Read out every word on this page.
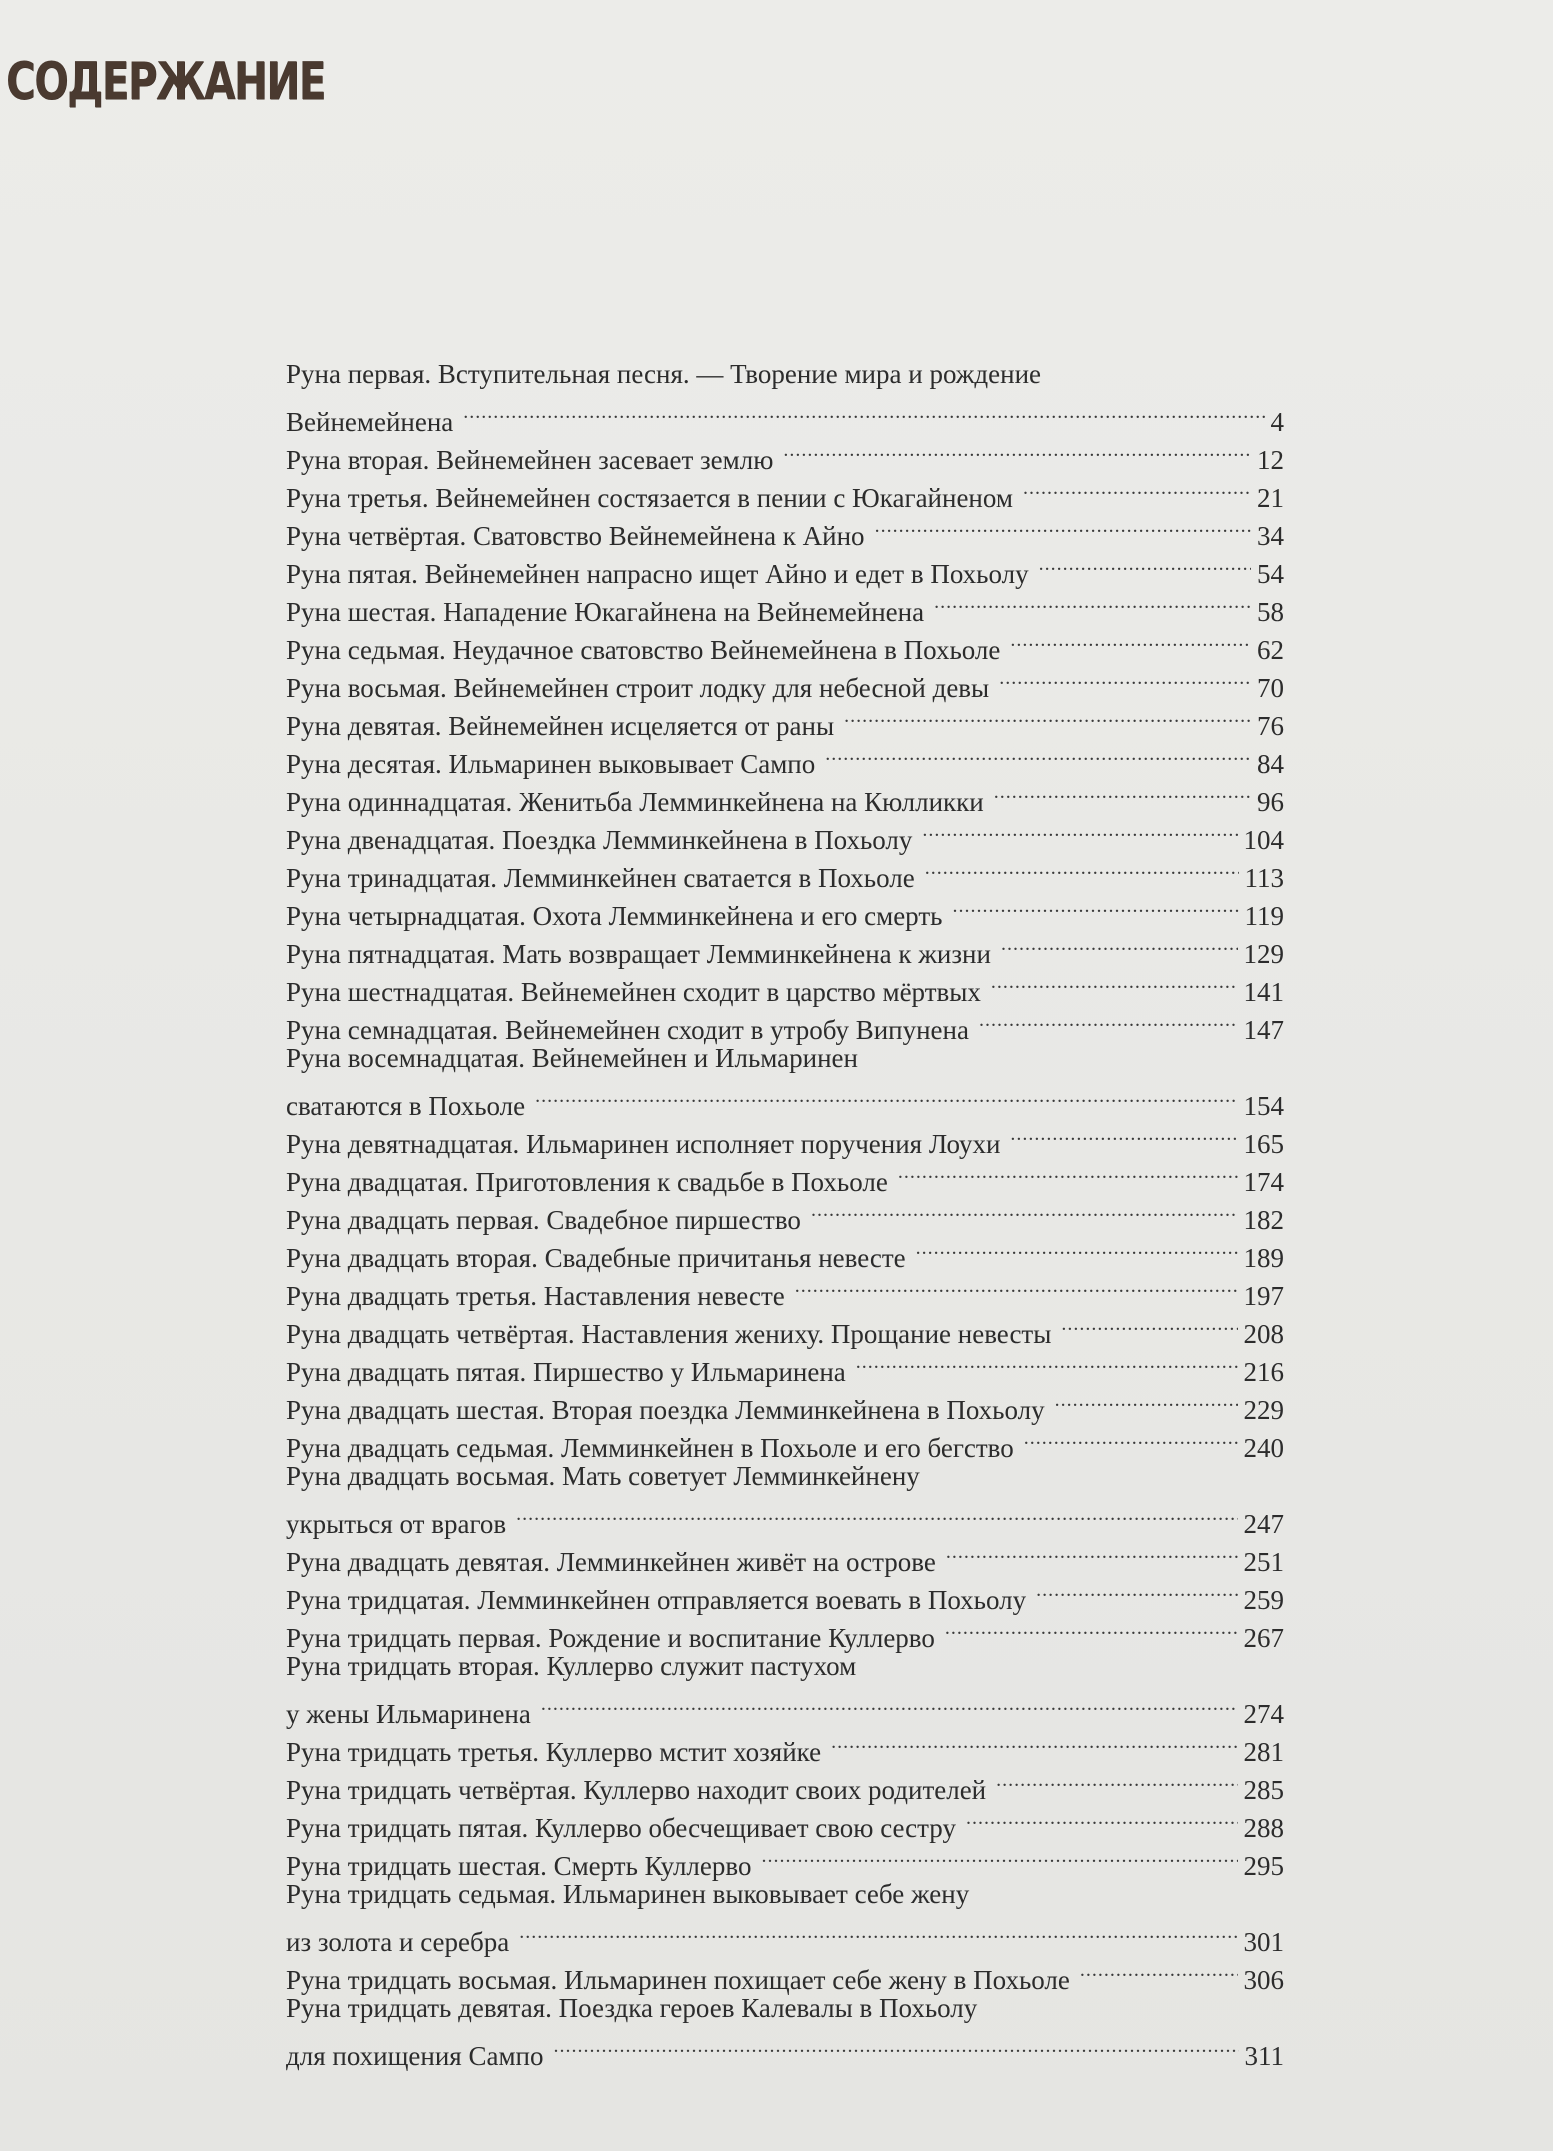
СОДЕРЖАНИЕ
Руна первая. Вступительная песня. — Творение мира и рождение
Вейнемейнена .....	4
Руна вторая. Вейнемейнен засевает землю .....	12
Руна третья. Вейнемейнен состязается в пении с Юкагайненом .....	21
Руна четвёртая. Сватовство Вейнемейнена к Айно .....	34
Руна пятая. Вейнемейнен напрасно ищет Айно и едет в Похьолу .....	54
Руна шестая. Нападение Юкагайнена на Вейнемейнена .....	58
Руна седьмая. Неудачное сватовство Вейнемейнена в Похьоле .....	62
Руна восьмая. Вейнемейнен строит лодку для небесной девы .....	70
Руна девятая. Вейнемейнен исцеляется от раны .....	76
Руна десятая. Ильмаринен выковывает Сампо .....	84
Руна одиннадцатая. Женитьба Лемминкейнена на Кюлликки .....	96
Руна двенадцатая. Поездка Лемминкейнена в Похьолу .....	104
Руна тринадцатая. Лемминкейнен сватается в Похьоле .....	113
Руна четырнадцатая. Охота Лемминкейнена и его смерть .....	119
Руна пятнадцатая. Мать возвращает Лемминкейнена к жизни .....	129
Руна шестнадцатая. Вейнемейнен сходит в царство мёртвых .....	141
Руна семнадцатая. Вейнемейнен сходит в утробу Випунена .....	147
Руна восемнадцатая. Вейнемейнен и Ильмаринен
сватаются в Похьоле .....	154
Руна девятнадцатая. Ильмаринен исполняет поручения Лоухи .....	165
Руна двадцатая. Приготовления к свадьбе в Похьоле .....	174
Руна двадцать первая. Свадебное пиршество .....	182
Руна двадцать вторая. Свадебные причитанья невесте .....	189
Руна двадцать третья. Наставления невесте .....	197
Руна двадцать четвёртая. Наставления жениху. Прощание невесты .....	208
Руна двадцать пятая. Пиршество у Ильмаринена .....	216
Руна двадцать шестая. Вторая поездка Лемминкейнена в Похьолу .....	229
Руна двадцать седьмая. Лемминкейнен в Похьоле и его бегство .....	240
Руна двадцать восьмая. Мать советует Лемминкейнену
укрыться от врагов .....	247
Руна двадцать девятая. Лемминкейнен живёт на острове .....	251
Руна тридцатая. Лемминкейнен отправляется воевать в Похьолу .....	259
Руна тридцать первая. Рождение и воспитание Куллерво .....	267
Руна тридцать вторая. Куллерво служит пастухом
у жены Ильмаринена .....	274
Руна тридцать третья. Куллерво мстит хозяйке .....	281
Руна тридцать четвёртая. Куллерво находит своих родителей .....	285
Руна тридцать пятая. Куллерво обесчещивает свою сестру .....	288
Руна тридцать шестая. Смерть Куллерво .....	295
Руна тридцать седьмая. Ильмаринен выковывает себе жену
из золота и серебра .....	301
Руна тридцать восьмая. Ильмаринен похищает себе жену в Похьоле .....	306
Руна тридцать девятая. Поездка героев Калевалы в Похьолу
для похищения Сампо .....	311
